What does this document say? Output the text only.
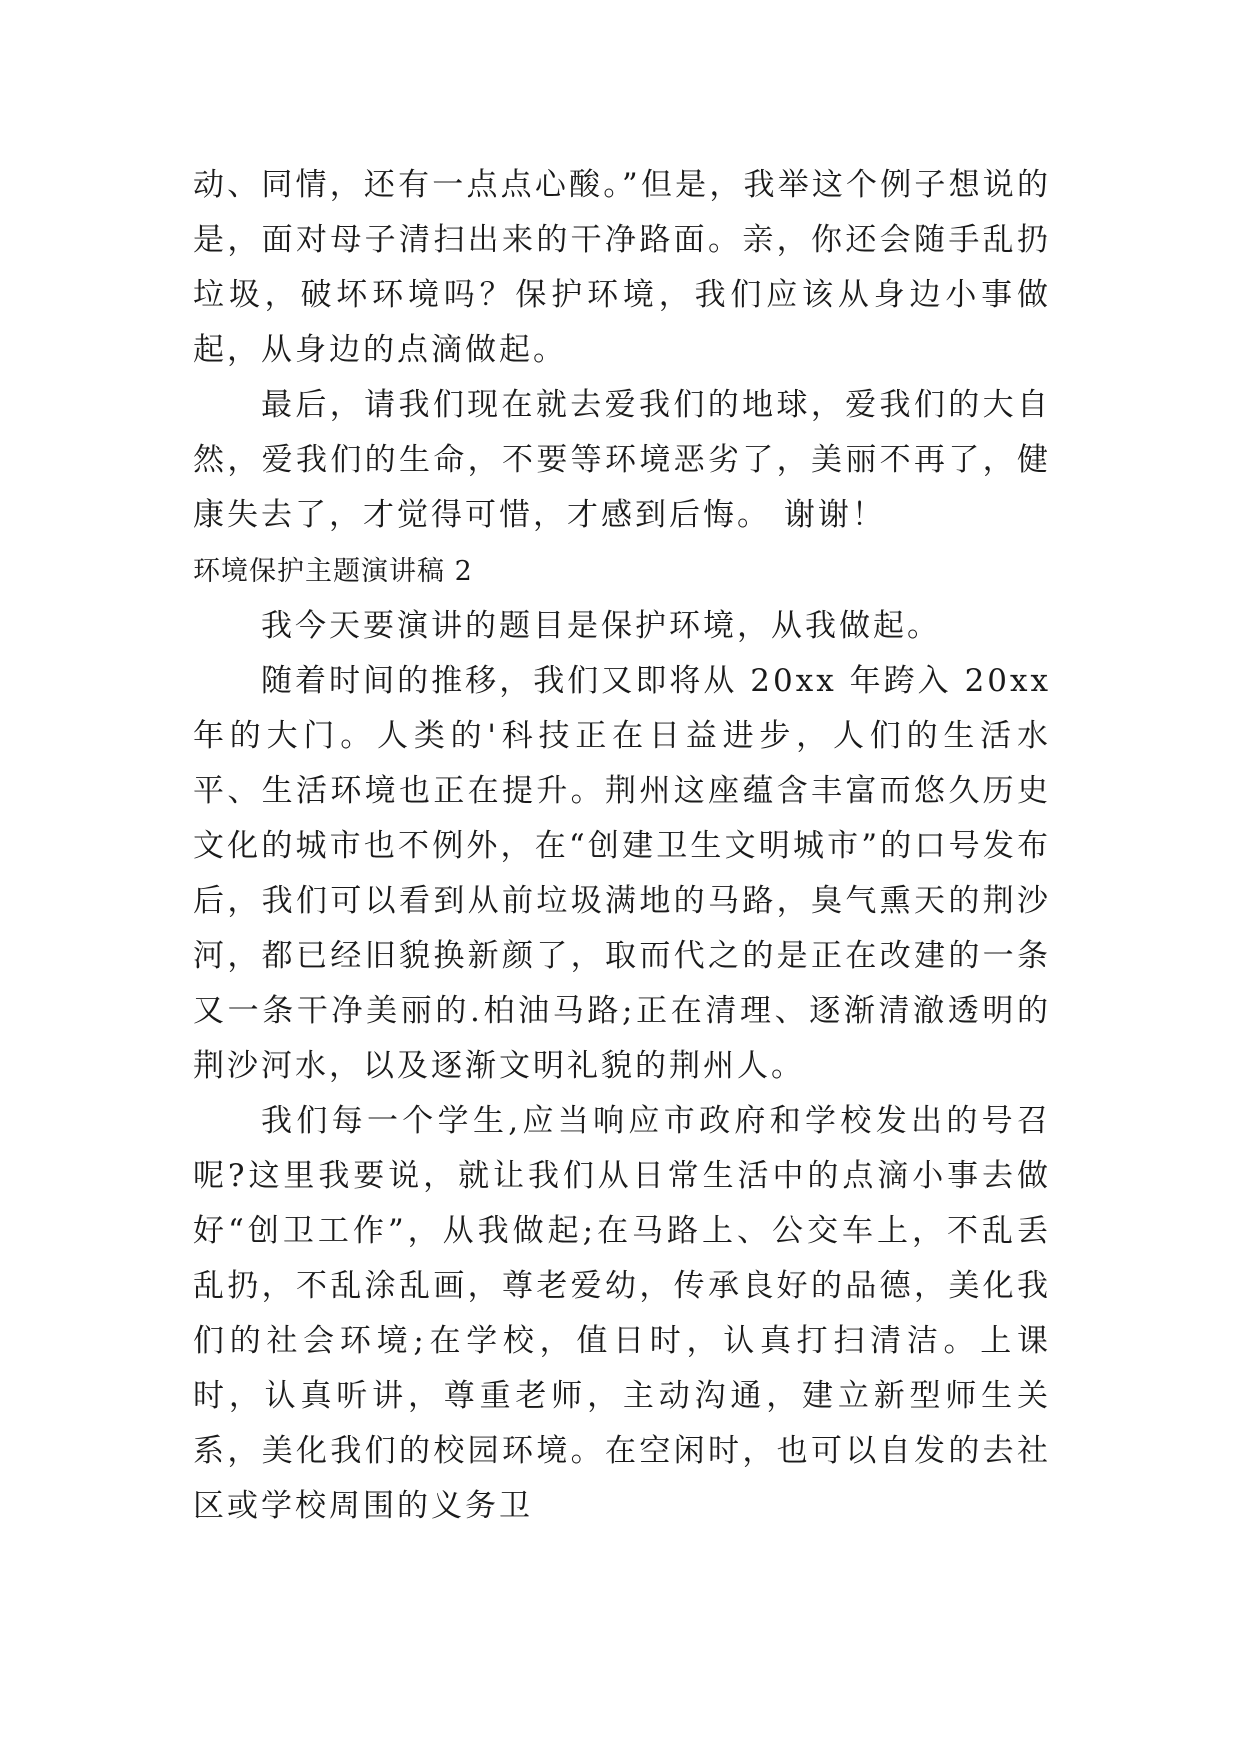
动、同情，还有一点点心酸。”但是，我举这个例子想说的是，面对母子清扫出来的干净路面。亲，你还会随手乱扔垃圾，破坏环境吗？保护环境，我们应该从身边小事做起，从身边的点滴做起。

最后，请我们现在就去爱我们的地球，爱我们的大自然，爱我们的生命，不要等环境恶劣了，美丽不再了，健康失去了，才觉得可惜，才感到后悔。 谢谢！

环境保护主题演讲稿 2

我今天要演讲的题目是保护环境，从我做起。

随着时间的推移，我们又即将从 20xx 年跨入 20xx 年的大门。人类的'科技正在日益进步，人们的生活水平、生活环境也正在提升。荆州这座蕴含丰富而悠久历史文化的城市也不例外，在“创建卫生文明城市”的口号发布后，我们可以看到从前垃圾满地的马路，臭气熏天的荆沙河，都已经旧貌换新颜了，取而代之的是正在改建的一条又一条干净美丽的.柏油马路;正在清理、逐渐清澈透明的荆沙河水，以及逐渐文明礼貌的荆州人。

我们每一个学生,应当响应市政府和学校发出的号召呢?这里我要说，就让我们从日常生活中的点滴小事去做好“创卫工作”，从我做起;在马路上、公交车上，不乱丢乱扔，不乱涂乱画，尊老爱幼，传承良好的品德，美化我们的社会环境;在学校，值日时，认真打扫清洁。上课时，认真听讲，尊重老师，主动沟通，建立新型师生关系，美化我们的校园环境。在空闲时，也可以自发的去社区或学校周围的义务卫
